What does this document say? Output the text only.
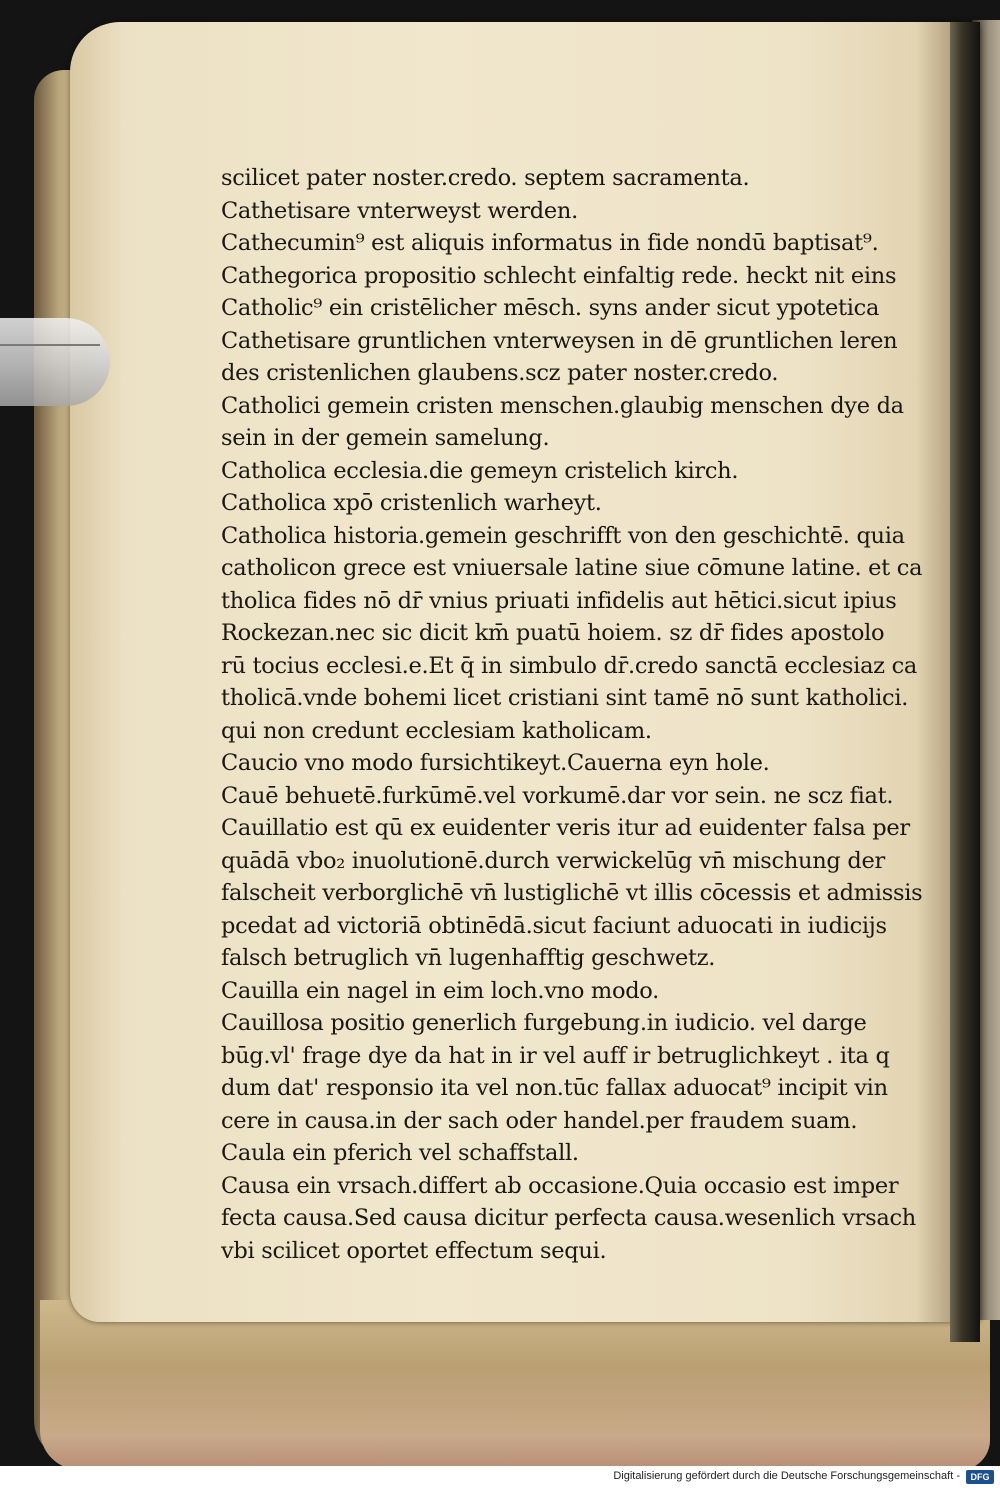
scilicet pater noster.credo. septem sacramenta.
Cathetisare vnterweyst werden.
Cathecumin⁹ est aliquis informatus in fide nondū baptisat⁹.
Cathegorica propositio schlecht einfaltig rede. heckt nit eins
Catholic⁹ ein cristēlicher mēsch. syns ander sicut ypotetica
Cathetisare gruntlichen vnterweysen in dē gruntlichen leren
des cristenlichen glaubens.scz pater noster.credo.
Catholici gemein cristen menschen.glaubig menschen dye da
sein in der gemein samelung.
Catholica ecclesia.die gemeyn cristelich kirch.
Catholica xpō cristenlich warheyt.
Catholica historia.gemein geschrifft von den geschichtē. quia
catholicon grece est vniuersale latine siue cōmune latine. et ca
tholica fides nō dr̄ vnius priuati infidelis aut hētici.sicut ipius
Rockezan.nec sic dicit km̄ puatū hoiem. sz dr̄ fides apostolo
rū tocius ecclesi.e.Et q̄ in simbulo dr̄.credo sanctā ecclesiaz ca
tholicā.vnde bohemi licet cristiani sint tamē nō sunt katholici.
qui non credunt ecclesiam katholicam.
Caucio vno modo fursichtikeyt.Cauerna eyn hole.
Cauē behuetē.furkūmē.vel vorkumē.dar vor sein. ne scz fiat.
Cauillatio est qū ex euidenter veris itur ad euidenter falsa per
quādā vbo₂ inuolutionē.durch verwickelūg vn̄ mischung der
falscheit verborglichē vn̄ lustiglichē vt illis cōcessis et admissis
pcedat ad victoriā obtinēdā.sicut faciunt aduocati in iudicijs
falsch betruglich vn̄ lugenhafftig geschwetz.
Cauilla ein nagel in eim loch.vno modo.
Cauillosa positio generlich furgebung.in iudicio. vel darge
būg.vl' frage dye da hat in ir vel auff ir betruglichkeyt . ita q
dum dat' responsio ita vel non.tūc fallax aduocat⁹ incipit vin
cere in causa.in der sach oder handel.per fraudem suam.
Caula ein pferich vel schaffstall.
Causa ein vrsach.differt ab occasione.Quia occasio est imper
fecta causa.Sed causa dicitur perfecta causa.wesenlich vrsach
vbi scilicet oportet effectum sequi.
Digitalisierung gefördert durch die Deutsche Forschungsgemeinschaft -	DFG
